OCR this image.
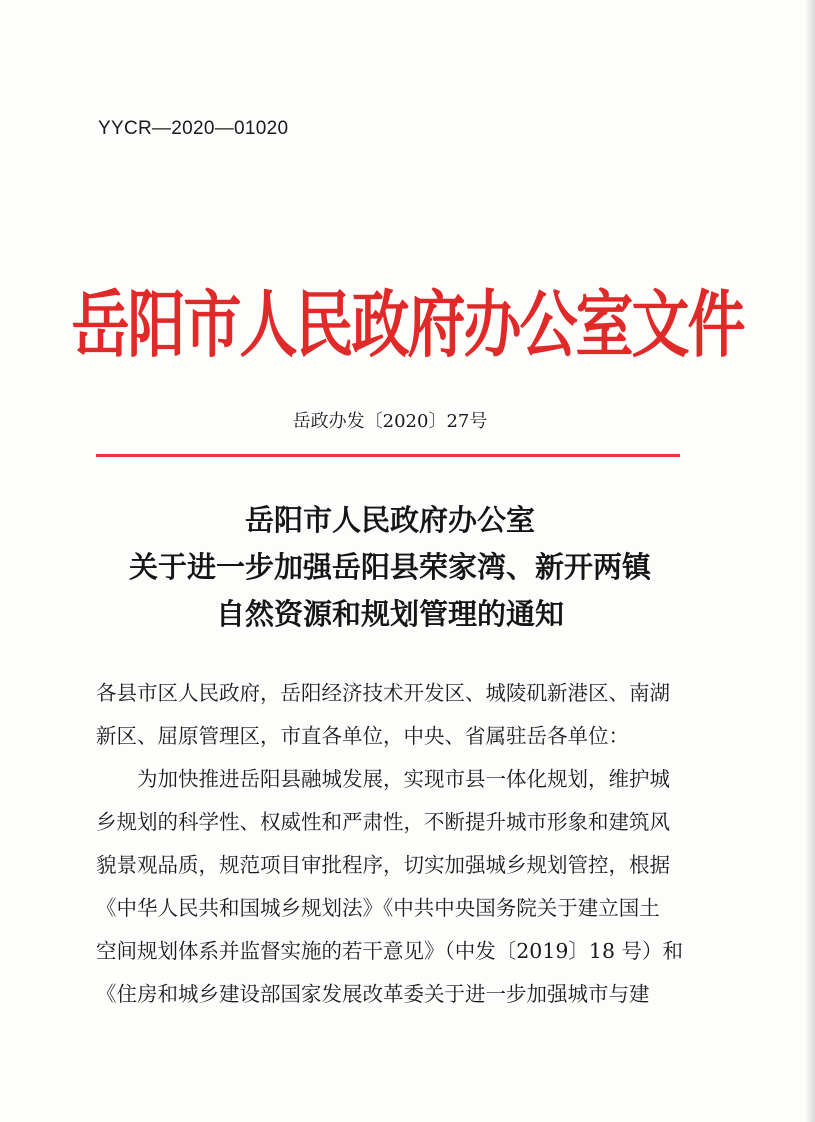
YYCR—2020—01020
岳阳市人民政府办公室文件
岳政办发〔2020〕27号
岳阳市人民政府办公室
关于进一步加强岳阳县荣家湾、新开两镇
自然资源和规划管理的通知
各县市区人民政府，岳阳经济技术开发区、城陵矶新港区、南湖
新区、屈原管理区，市直各单位，中央、省属驻岳各单位：
　　为加快推进岳阳县融城发展，实现市县一体化规划，维护城
乡规划的科学性、权威性和严肃性，不断提升城市形象和建筑风
貌景观品质，规范项目审批程序，切实加强城乡规划管控，根据
《中华人民共和国城乡规划法》《中共中央国务院关于建立国土
空间规划体系并监督实施的若干意见》（中发〔2019〕18 号）和
《住房和城乡建设部国家发展改革委关于进一步加强城市与建
